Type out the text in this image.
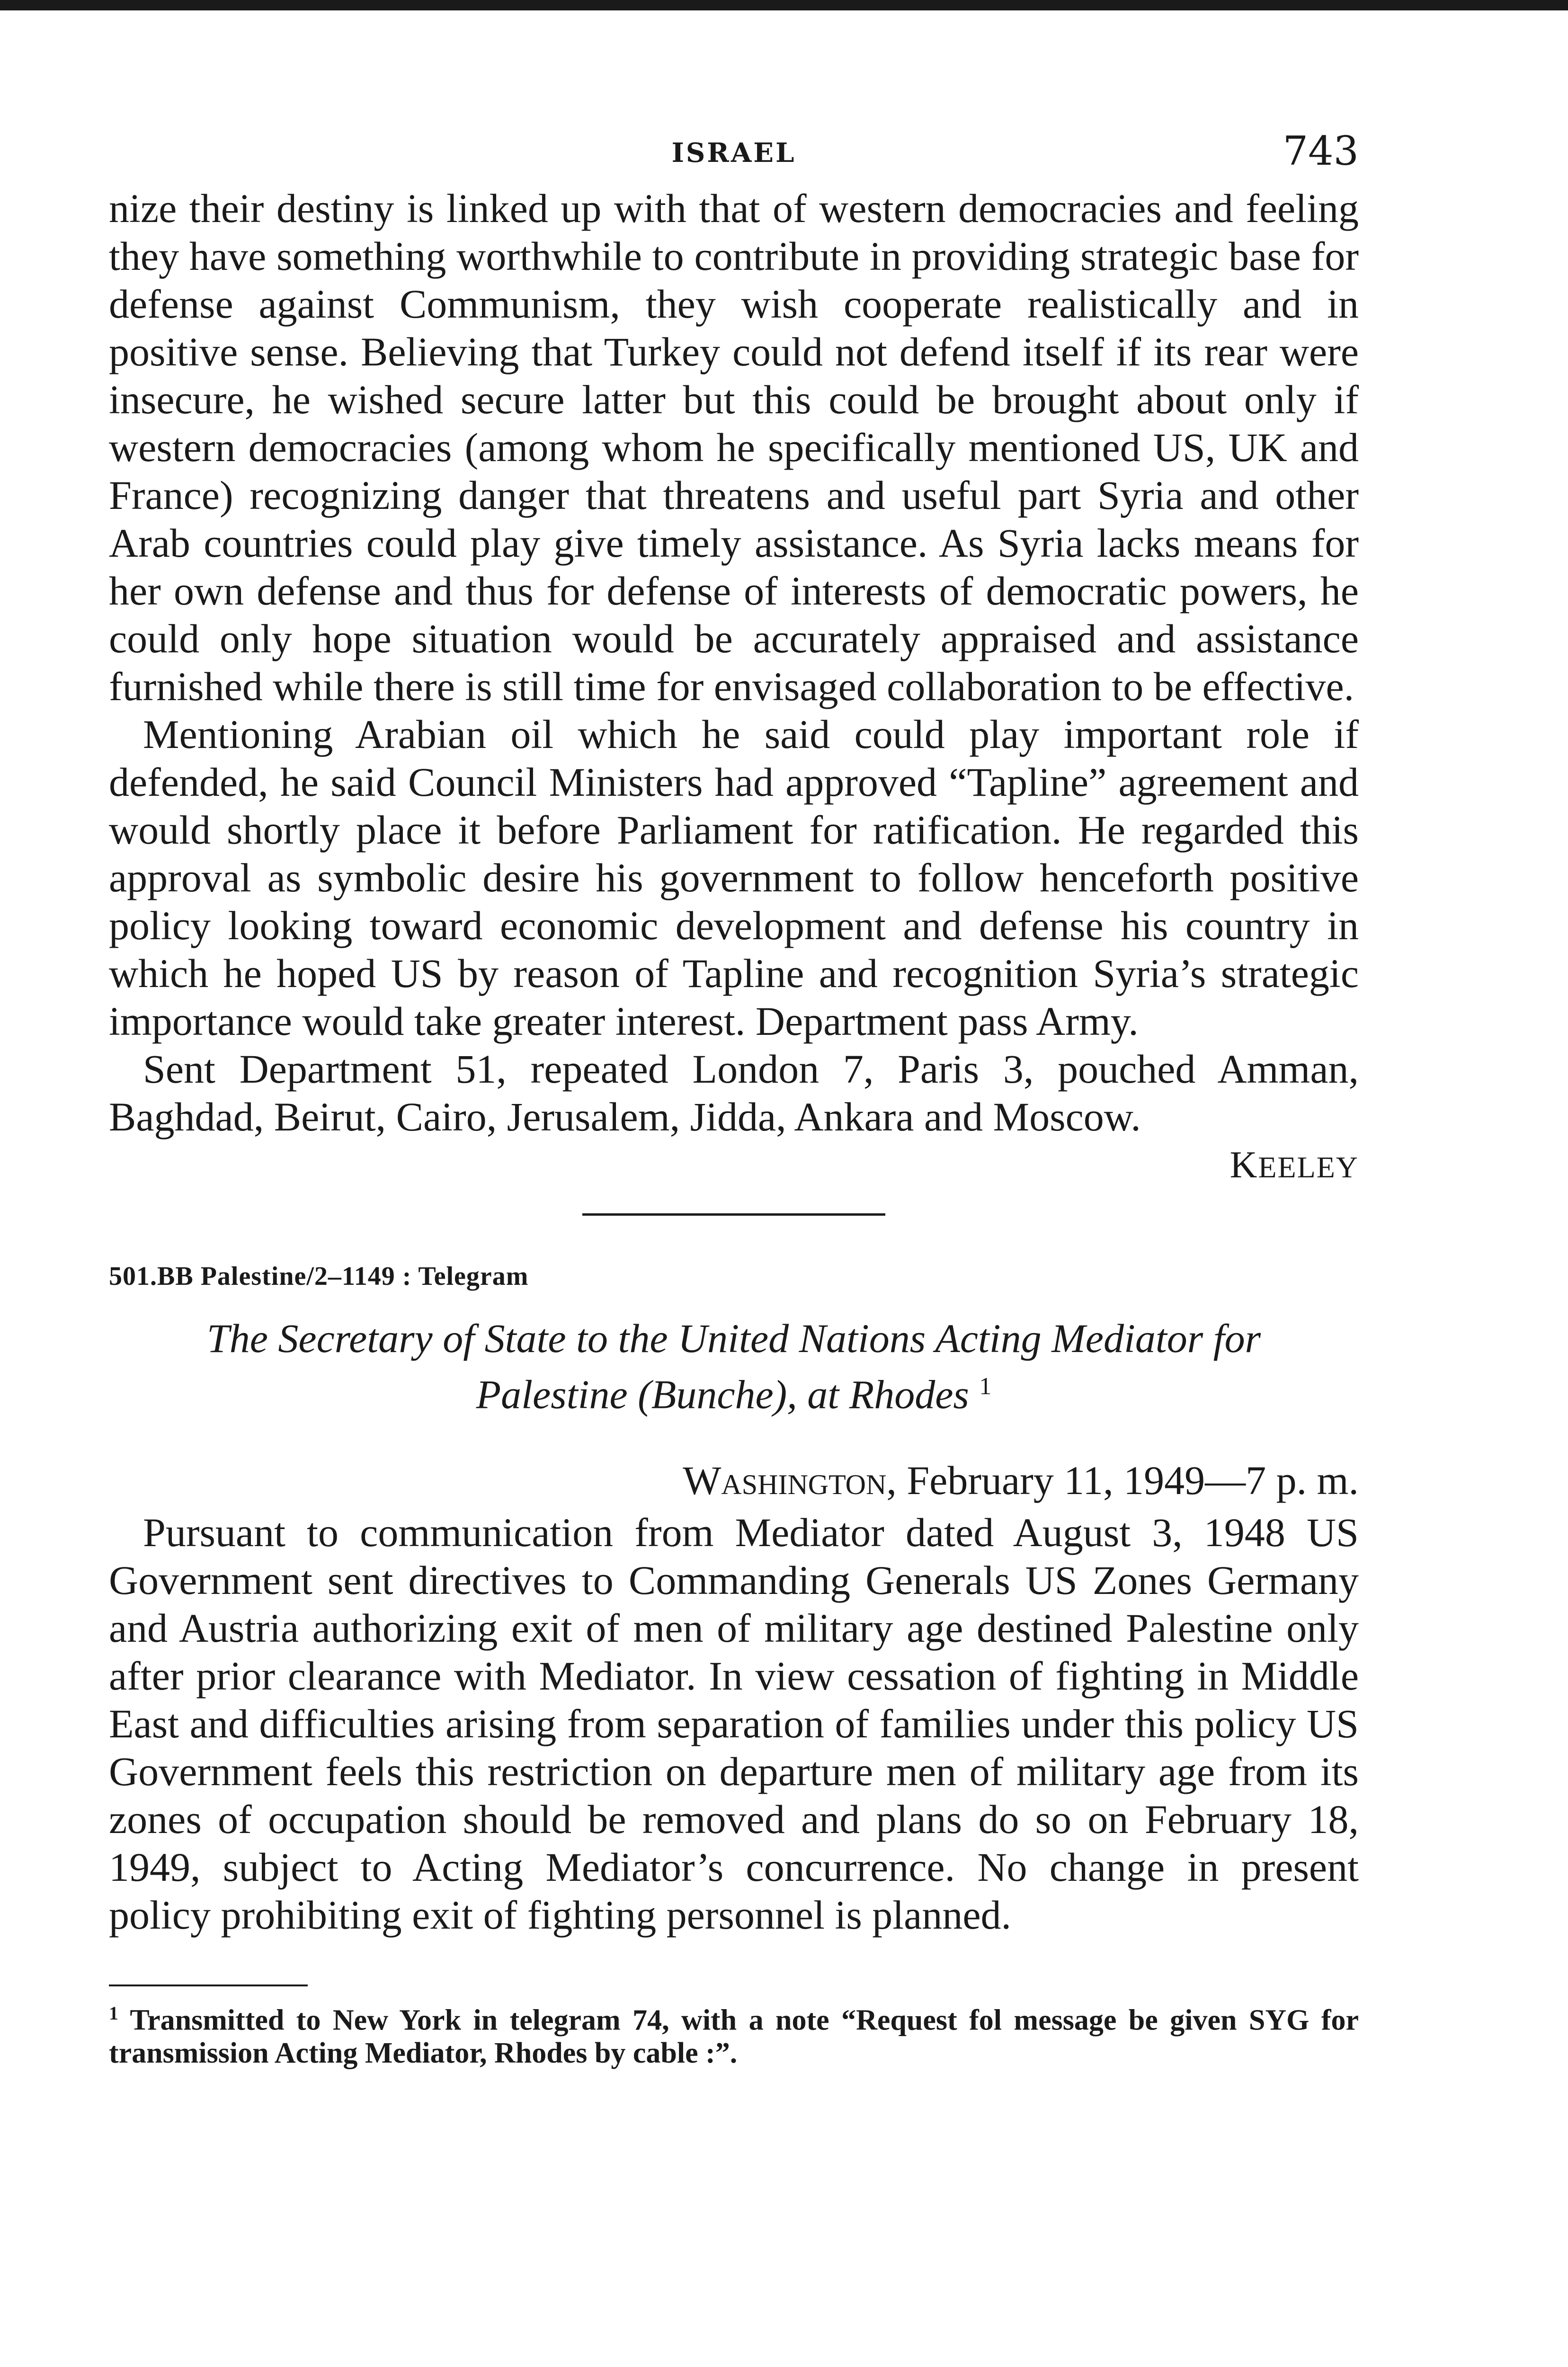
ISRAEL	743

nize their destiny is linked up with that of western democracies and feeling they have something worthwhile to contribute in providing strategic base for defense against Communism, they wish cooperate realistically and in positive sense. Believing that Turkey could not defend itself if its rear were insecure, he wished secure latter but this could be brought about only if western democracies (among whom he specifically mentioned US, UK and France) recognizing danger that threatens and useful part Syria and other Arab countries could play give timely assistance. As Syria lacks means for her own defense and thus for defense of interests of democratic powers, he could only hope situation would be accurately appraised and assistance furnished while there is still time for envisaged collaboration to be effective.

Mentioning Arabian oil which he said could play important role if defended, he said Council Ministers had approved “Tapline” agreement and would shortly place it before Parliament for ratification. He regarded this approval as symbolic desire his government to follow henceforth positive policy looking toward economic development and defense his country in which he hoped US by reason of Tapline and recognition Syria’s strategic importance would take greater interest. Department pass Army.

Sent Department 51, repeated London 7, Paris 3, pouched Amman, Baghdad, Beirut, Cairo, Jerusalem, Jidda, Ankara and Moscow.

KEELEY
501.BB Palestine/2–1149 : Telegram
The Secretary of State to the United Nations Acting Mediator for Palestine (Bunche), at Rhodes $^1$
Washington, February 11, 1949—7 p. m.

Pursuant to communication from Mediator dated August 3, 1948 US Government sent directives to Commanding Generals US Zones Germany and Austria authorizing exit of men of military age destined Palestine only after prior clearance with Mediator. In view cessation of fighting in Middle East and difficulties arising from separation of families under this policy US Government feels this restriction on departure men of military age from its zones of occupation should be removed and plans do so on February 18, 1949, subject to Acting Mediator’s concurrence. No change in present policy prohibiting exit of fighting personnel is planned.

$^1$ Transmitted to New York in telegram 74, with a note “Request fol message be given SYG for transmission Acting Mediator, Rhodes by cable :”.
